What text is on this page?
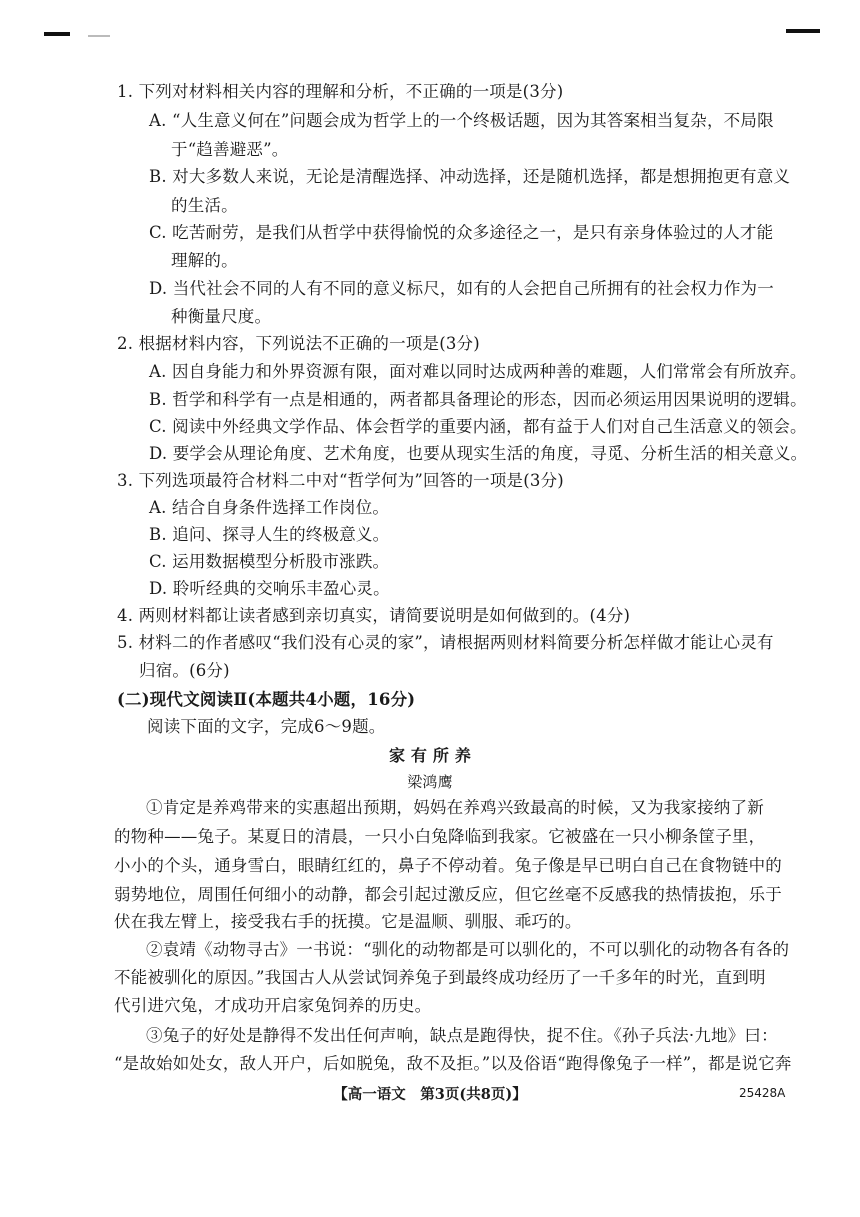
1. 下列对材料相关内容的理解和分析，不正确的一项是(3分)
A. “人生意义何在”问题会成为哲学上的一个终极话题，因为其答案相当复杂，不局限
于“趋善避恶”。
B. 对大多数人来说，无论是清醒选择、冲动选择，还是随机选择，都是想拥抱更有意义
的生活。
C. 吃苦耐劳，是我们从哲学中获得愉悦的众多途径之一，是只有亲身体验过的人才能
理解的。
D. 当代社会不同的人有不同的意义标尺，如有的人会把自己所拥有的社会权力作为一
种衡量尺度。
2. 根据材料内容，下列说法不正确的一项是(3分)
A. 因自身能力和外界资源有限，面对难以同时达成两种善的难题，人们常常会有所放弃。
B. 哲学和科学有一点是相通的，两者都具备理论的形态，因而必须运用因果说明的逻辑。
C. 阅读中外经典文学作品、体会哲学的重要内涵，都有益于人们对自己生活意义的领会。
D. 要学会从理论角度、艺术角度，也要从现实生活的角度，寻觅、分析生活的相关意义。
3. 下列选项最符合材料二中对“哲学何为”回答的一项是(3分)
A. 结合自身条件选择工作岗位。
B. 追问、探寻人生的终极意义。
C. 运用数据模型分析股市涨跌。
D. 聆听经典的交响乐丰盈心灵。
4. 两则材料都让读者感到亲切真实，请简要说明是如何做到的。(4分)
5. 材料二的作者感叹“我们没有心灵的家”，请根据两则材料简要分析怎样做才能让心灵有
归宿。(6分)
(二)现代文阅读Ⅱ(本题共4小题，16分)
阅读下面的文字，完成6～9题。
家 有 所 养
梁鸿鹰
①肯定是养鸡带来的实惠超出预期，妈妈在养鸡兴致最高的时候，又为我家接纳了新
的物种——兔子。某夏日的清晨，一只小白兔降临到我家。它被盛在一只小柳条筐子里，
小小的个头，通身雪白，眼睛红红的，鼻子不停动着。兔子像是早已明白自己在食物链中的
弱势地位，周围任何细小的动静，都会引起过激反应，但它丝毫不反感我的热情拔抱，乐于
伏在我左臂上，接受我右手的抚摸。它是温顺、驯服、乖巧的。
②袁靖《动物寻古》一书说：“驯化的动物都是可以驯化的，不可以驯化的动物各有各的
不能被驯化的原因。”我国古人从尝试饲养兔子到最终成功经历了一千多年的时光，直到明
代引进穴兔，才成功开启家兔饲养的历史。
③兔子的好处是静得不发出任何声响，缺点是跑得快，捉不住。《孙子兵法·九地》曰：
“是故始如处女，敌人开户，后如脱兔，敌不及拒。”以及俗语“跑得像兔子一样”，都是说它奔
【高一语文　第3页(共8页)】	25428A
